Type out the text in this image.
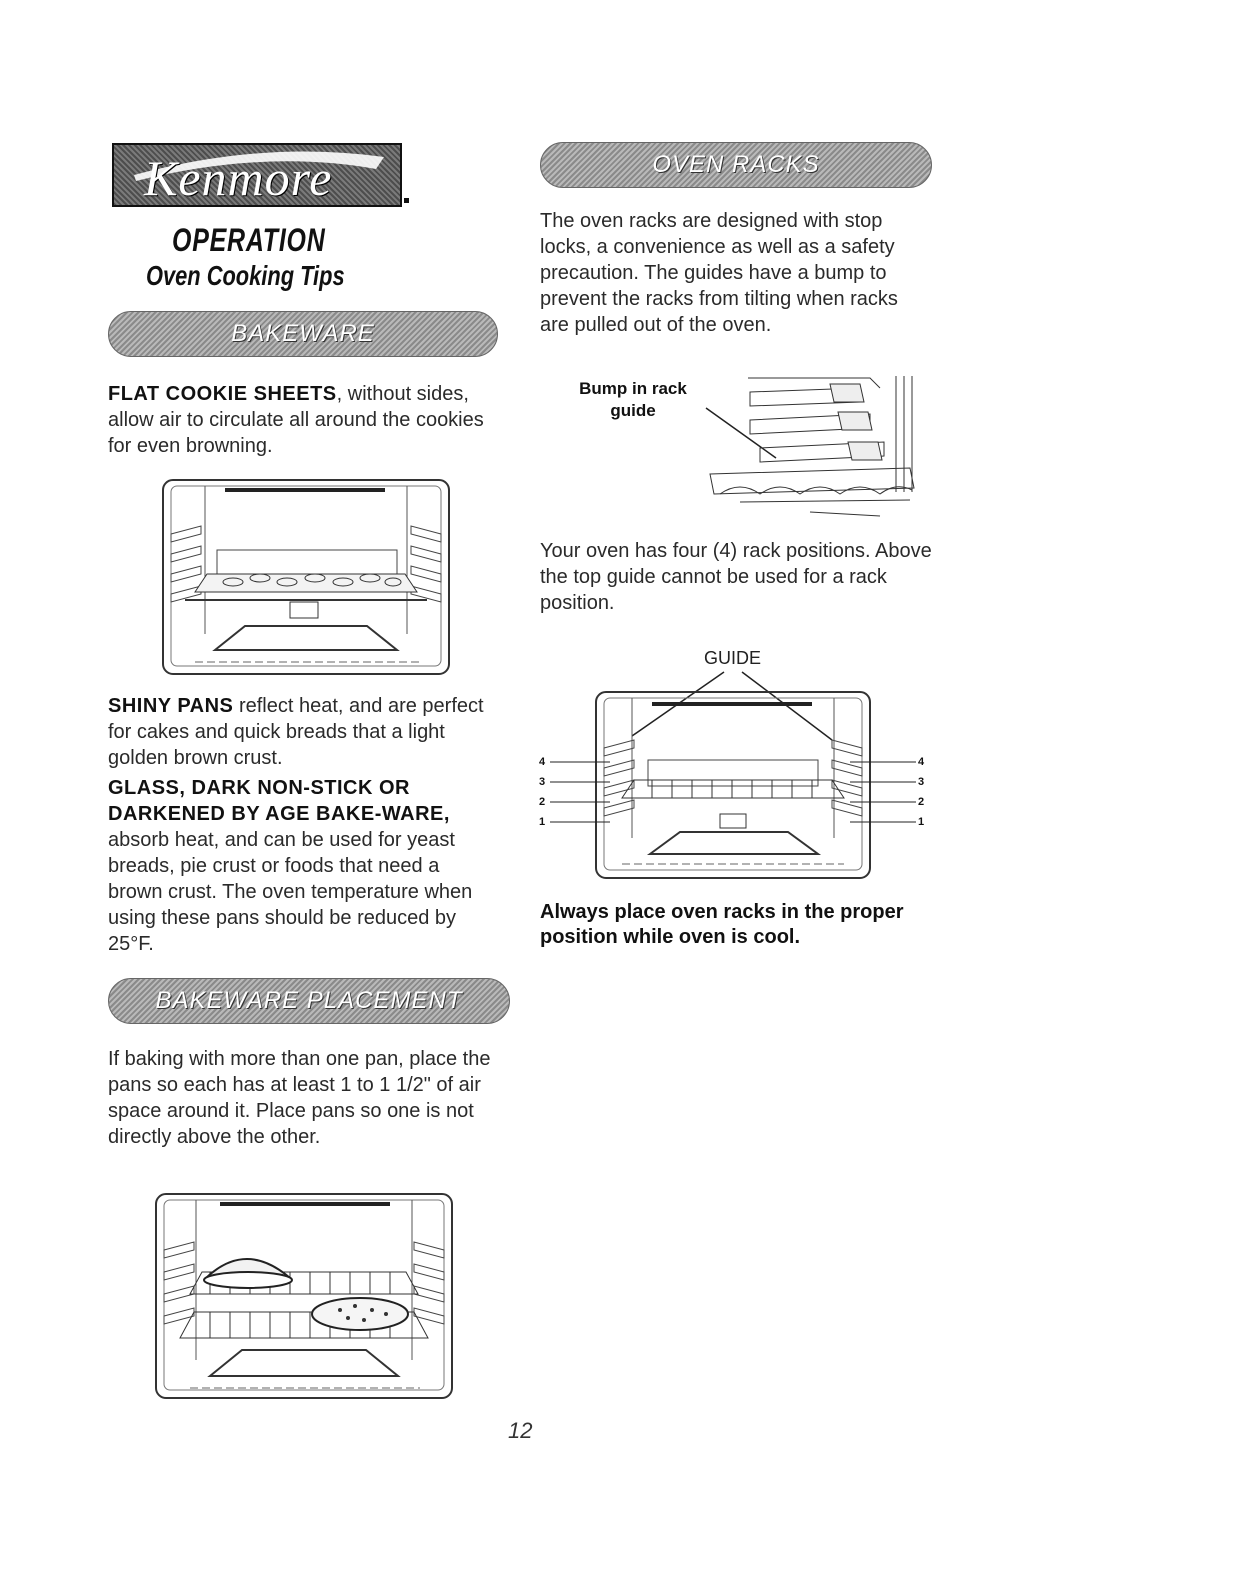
Kenmore
OPERATION
Oven Cooking Tips
BAKEWARE
FLAT COOKIE SHEETS, without sides, allow air to circulate all around the cookies for even browning.
SHINY PANS reflect heat, and are perfect for cakes and quick breads that a light golden brown crust.
GLASS, DARK NON-STICK OR DARKENED BY AGE BAKE-WARE, absorb heat, and can be used for yeast breads, pie crust or foods that need a brown crust. The oven temperature when using these pans should be reduced by 25°F.
BAKEWARE PLACEMENT
If baking with more than one pan, place the pans so each has at least 1 to 1 1/2" of air space around it. Place pans so one is not directly above the other.
OVEN RACKS
The oven racks are designed with stop locks, a convenience as well as a safety precaution. The guides have a bump to prevent the racks from tilting when racks are pulled out of the oven.
Bump in rack guide
Your oven has four (4) rack positions. Above the top guide cannot be used for a rack position.
GUIDE
4
3
2
1
4
3
2
1
Always place oven racks in the proper position while oven is cool.
12
